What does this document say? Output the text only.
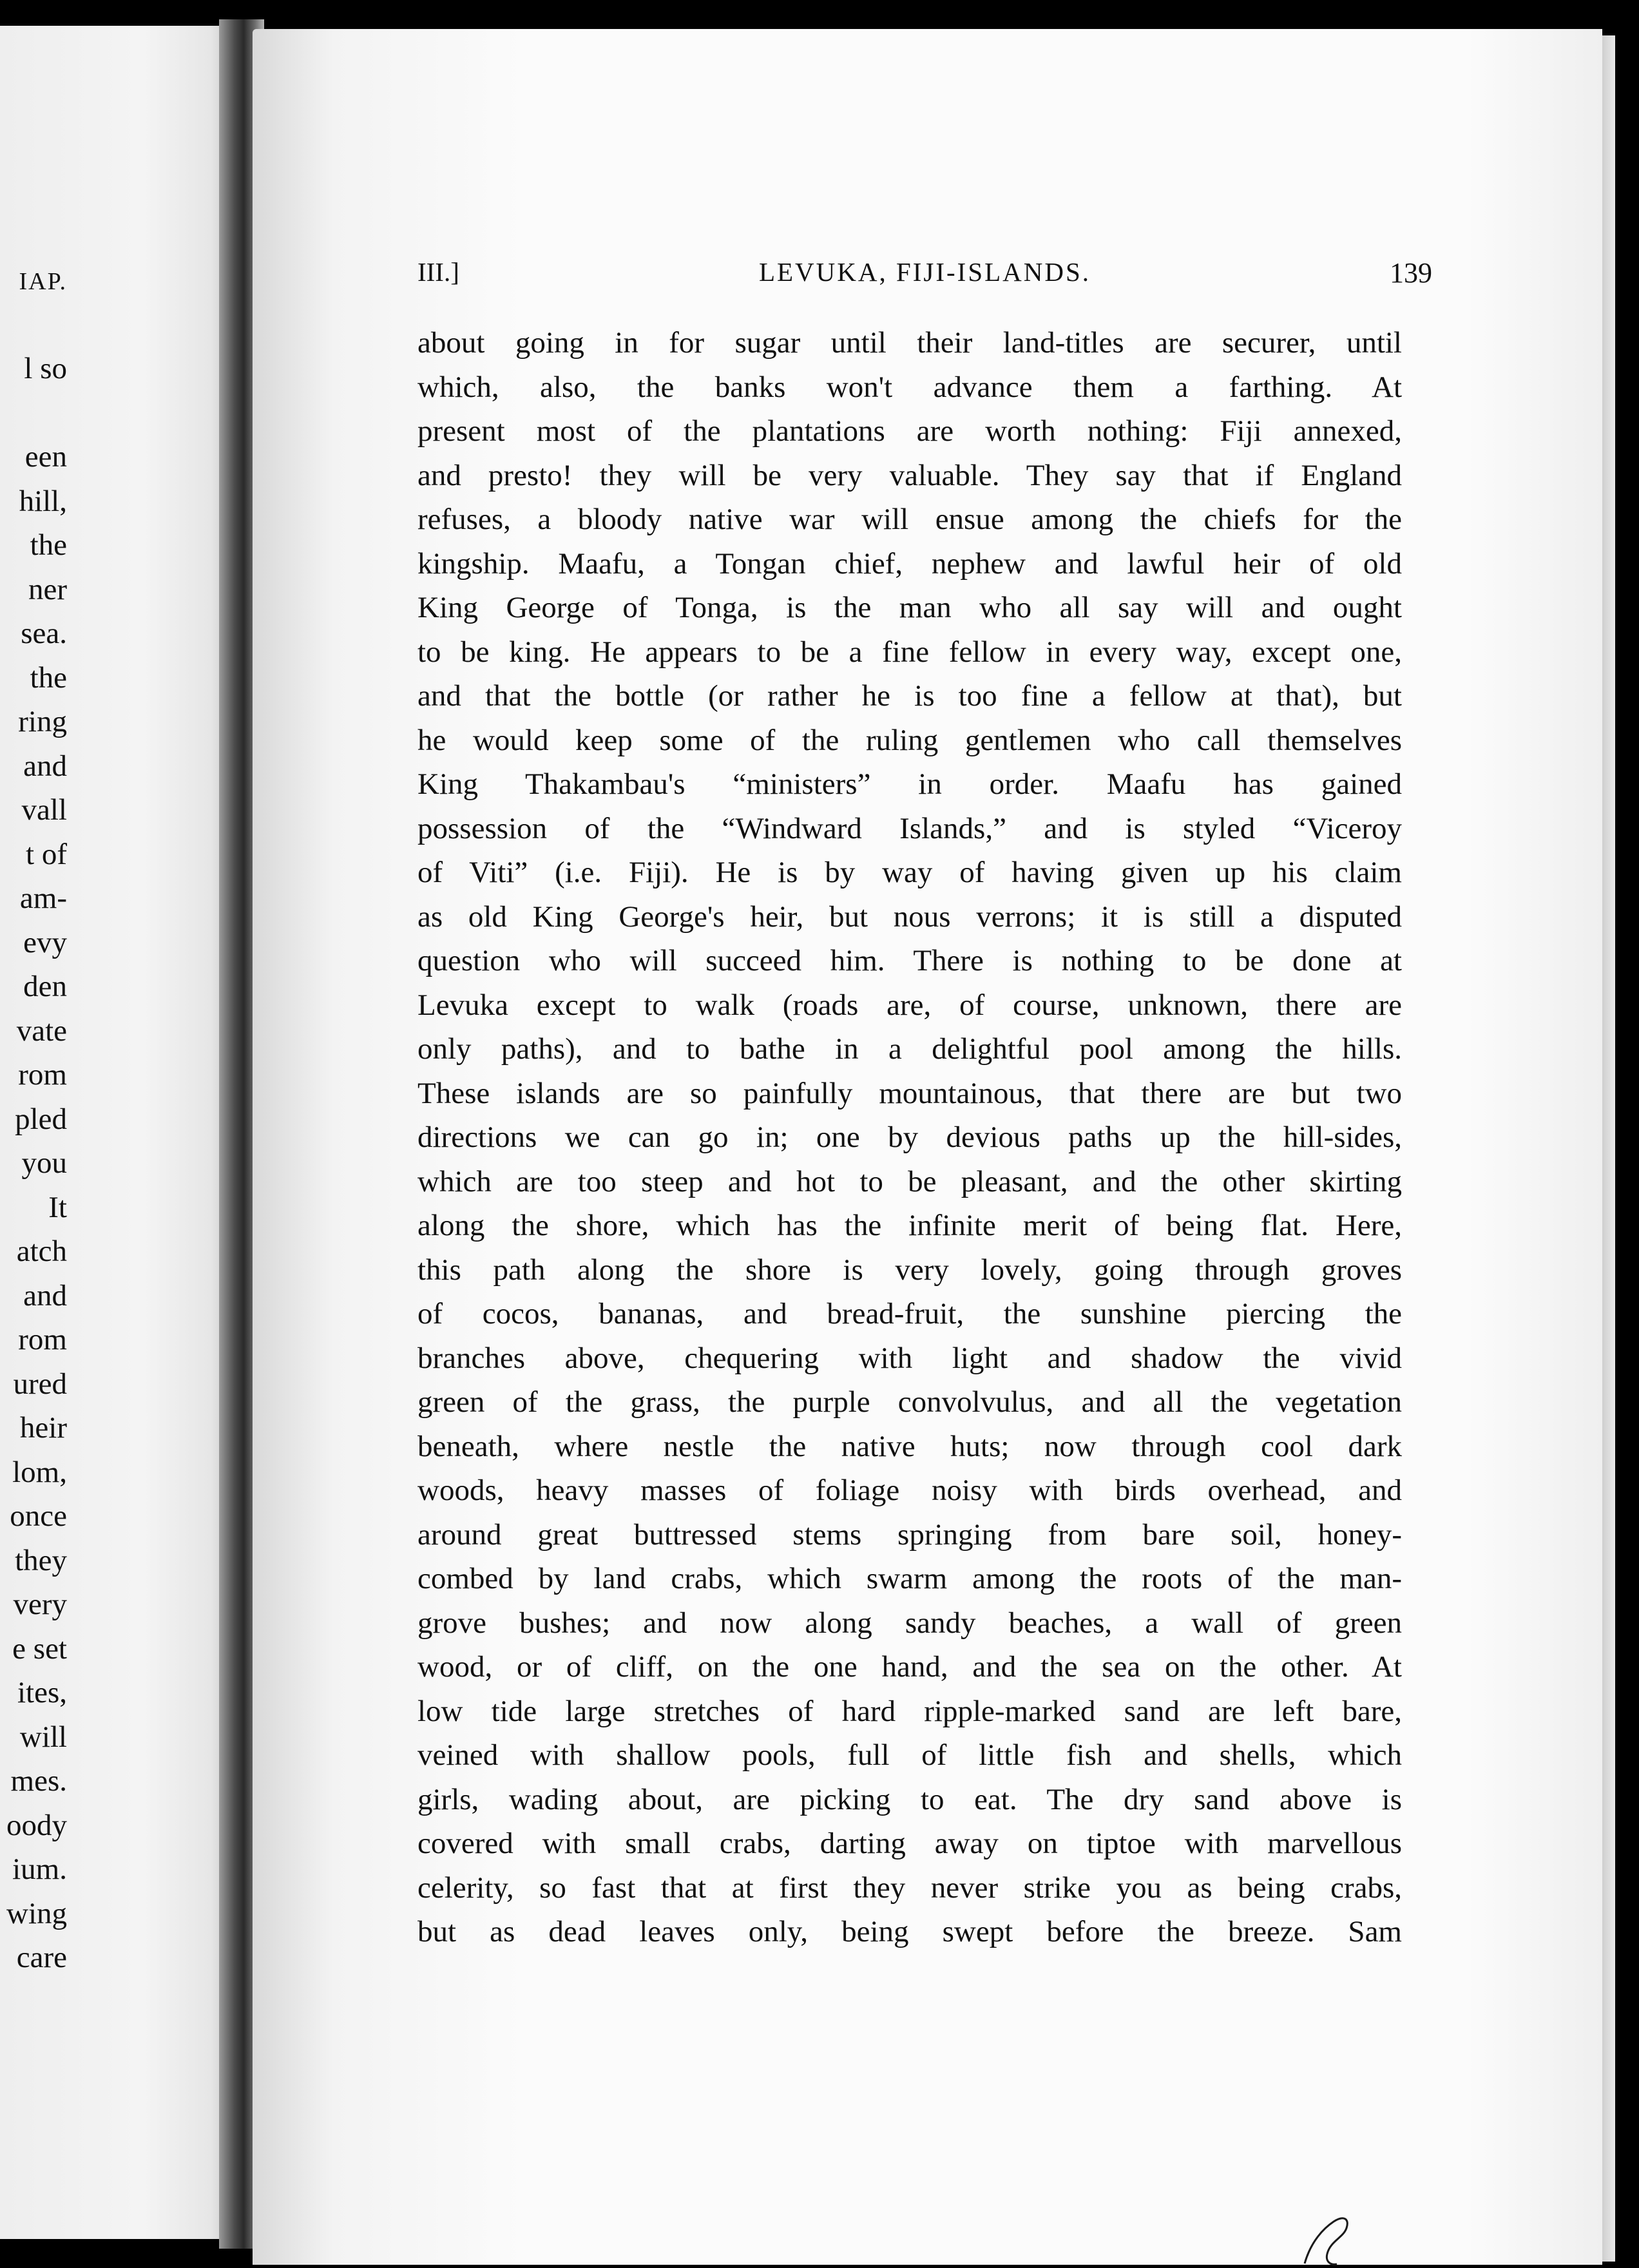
IAP.
l so
een
hill,
the
ner
sea.
the
ring
and
vall
t of
am-
evy
den
vate
rom
pled
you
It
atch
and
rom
ured
heir
lom,
once
they
very
e set
ites,
will
mes.
oody
ium.
wing
care
III.]	LEVUKA, FIJI-ISLANDS.	139
about going in for sugar until their land-titles are securer, until
which, also, the banks won't advance them a farthing. At
present most of the plantations are worth nothing: Fiji annexed,
and presto! they will be very valuable. They say that if England
refuses, a bloody native war will ensue among the chiefs for the
kingship. Maafu, a Tongan chief, nephew and lawful heir of old
King George of Tonga, is the man who all say will and ought
to be king. He appears to be a fine fellow in every way, except one,
and that the bottle (or rather he is too fine a fellow at that), but
he would keep some of the ruling gentlemen who call themselves
King Thakambau's “ministers” in order. Maafu has gained
possession of the “Windward Islands,” and is styled “Viceroy
of Viti” (i.e. Fiji). He is by way of having given up his claim
as old King George's heir, but nous verrons; it is still a disputed
question who will succeed him. There is nothing to be done at
Levuka except to walk (roads are, of course, unknown, there are
only paths), and to bathe in a delightful pool among the hills.
These islands are so painfully mountainous, that there are but two
directions we can go in; one by devious paths up the hill-sides,
which are too steep and hot to be pleasant, and the other skirting
along the shore, which has the infinite merit of being flat. Here,
this path along the shore is very lovely, going through groves
of cocos, bananas, and bread-fruit, the sunshine piercing the
branches above, chequering with light and shadow the vivid
green of the grass, the purple convolvulus, and all the vegetation
beneath, where nestle the native huts; now through cool dark
woods, heavy masses of foliage noisy with birds overhead, and
around great buttressed stems springing from bare soil, honey-
combed by land crabs, which swarm among the roots of the man-
grove bushes; and now along sandy beaches, a wall of green
wood, or of cliff, on the one hand, and the sea on the other. At
low tide large stretches of hard ripple-marked sand are left bare,
veined with shallow pools, full of little fish and shells, which
girls, wading about, are picking to eat. The dry sand above is
covered with small crabs, darting away on tiptoe with marvellous
celerity, so fast that at first they never strike you as being crabs,
but as dead leaves only, being swept before the breeze. Sam
